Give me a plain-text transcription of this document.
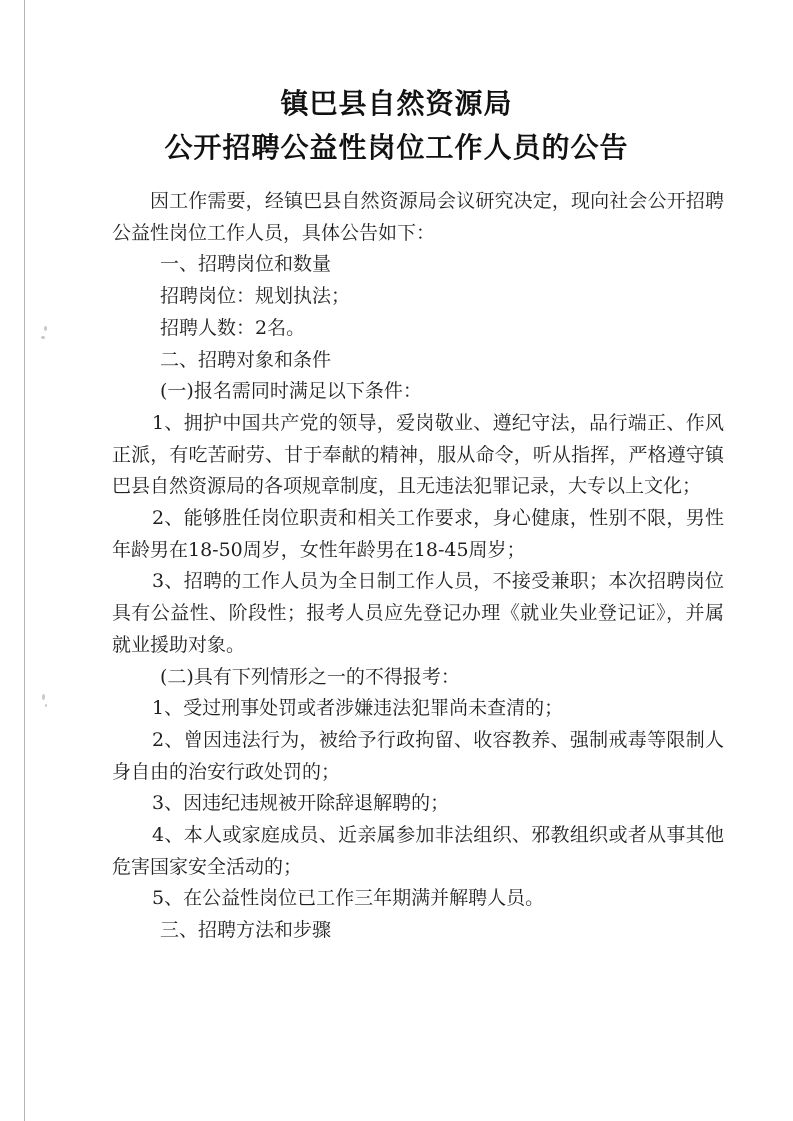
镇巴县自然资源局
公开招聘公益性岗位工作人员的公告

因工作需要，经镇巴县自然资源局会议研究决定，现向社会公开招聘公益性岗位工作人员，具体公告如下：

一、招聘岗位和数量

招聘岗位：规划执法；

招聘人数：2名。

二、招聘对象和条件

(一)报名需同时满足以下条件：

1、拥护中国共产党的领导，爱岗敬业、遵纪守法，品行端正、作风正派，有吃苦耐劳、甘于奉献的精神，服从命令，听从指挥，严格遵守镇巴县自然资源局的各项规章制度，且无违法犯罪记录，大专以上文化；

2、能够胜任岗位职责和相关工作要求，身心健康，性别不限，男性年龄男在18-50周岁，女性年龄男在18-45周岁；

3、招聘的工作人员为全日制工作人员，不接受兼职；本次招聘岗位具有公益性、阶段性；报考人员应先登记办理《就业失业登记证》，并属就业援助对象。

(二)具有下列情形之一的不得报考：

1、受过刑事处罚或者涉嫌违法犯罪尚未查清的；

2、曾因违法行为，被给予行政拘留、收容教养、强制戒毒等限制人身自由的治安行政处罚的；

3、因违纪违规被开除辞退解聘的；

4、本人或家庭成员、近亲属参加非法组织、邪教组织或者从事其他危害国家安全活动的；

5、在公益性岗位已工作三年期满并解聘人员。

三、招聘方法和步骤
